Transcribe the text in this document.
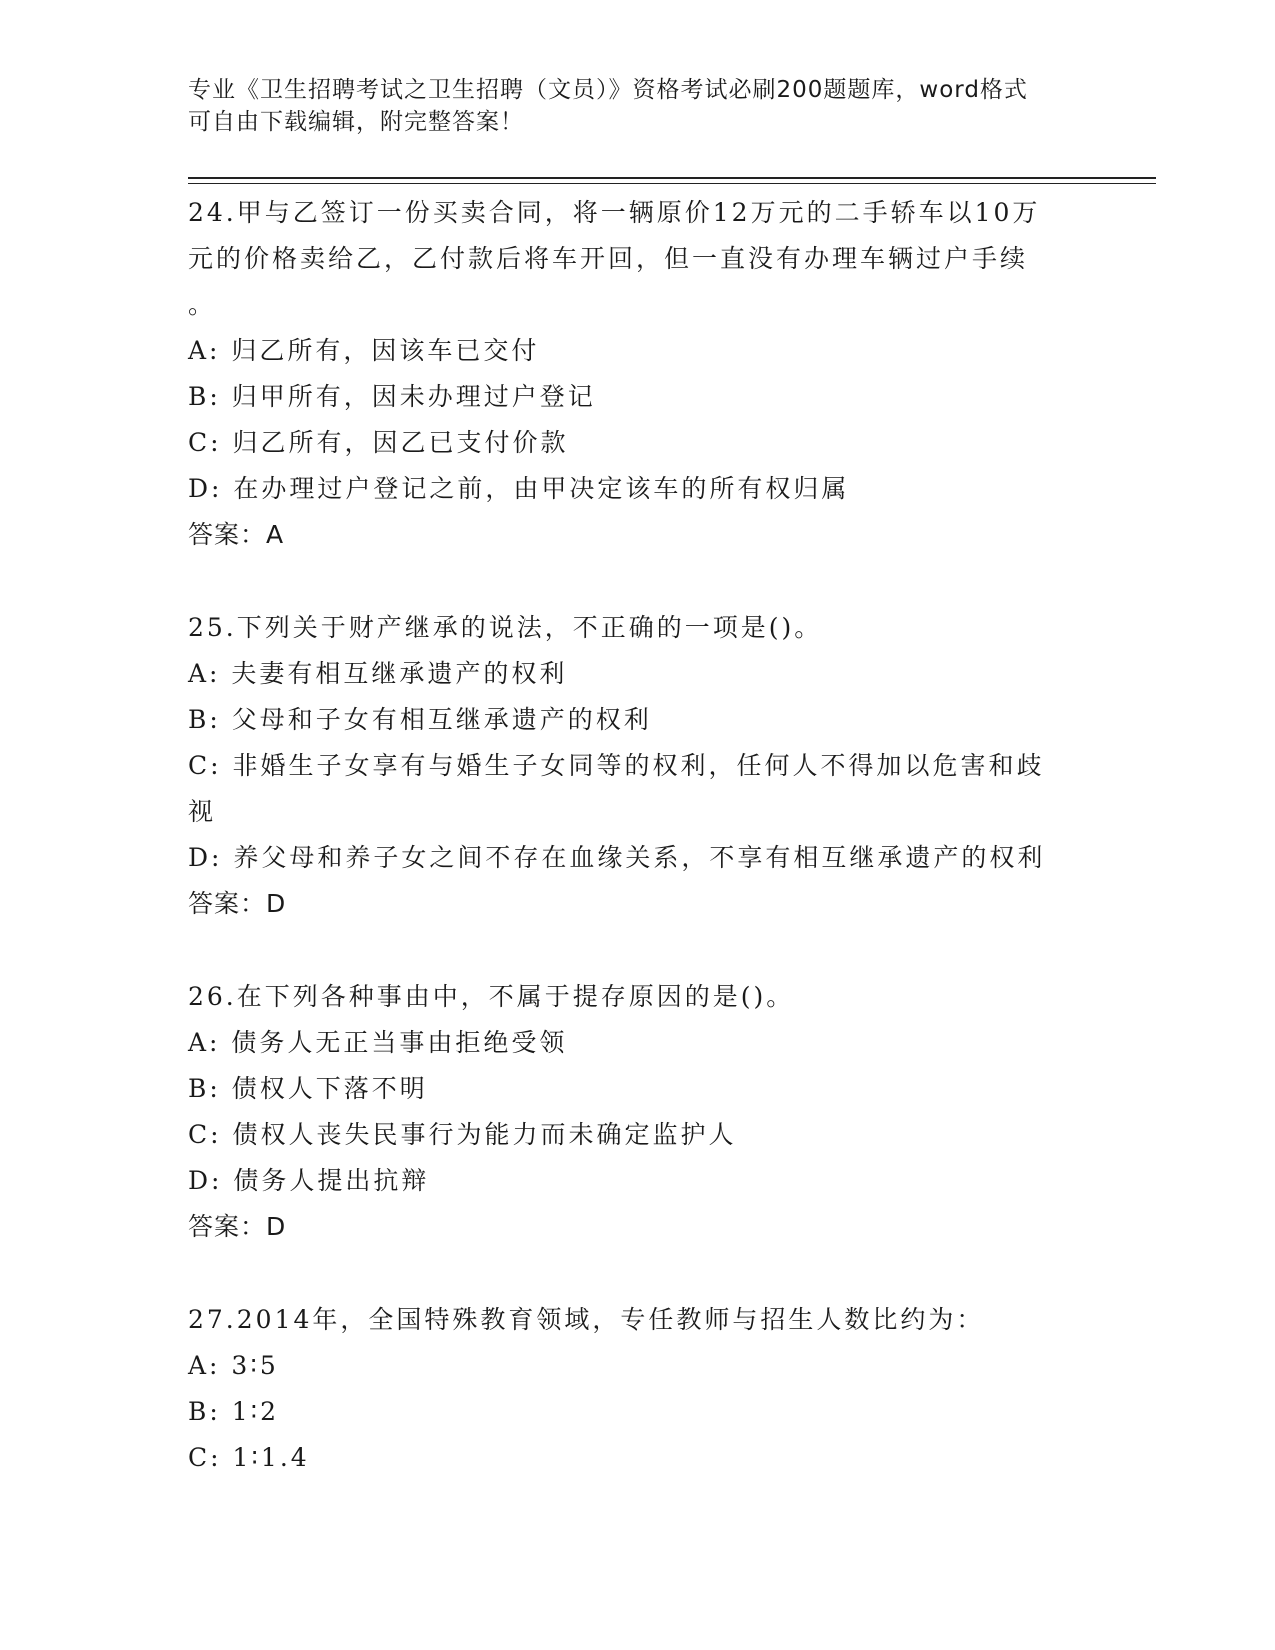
专业《卫生招聘考试之卫生招聘（文员）》资格考试必刷200题题库，word格式
可自由下载编辑，附完整答案！
24.甲与乙签订一份买卖合同，将一辆原价12万元的二手轿车以10万
元的价格卖给乙，乙付款后将车开回，但一直没有办理车辆过户手续
。
A: 归乙所有，因该车已交付
B: 归甲所有，因未办理过户登记
C: 归乙所有，因乙已支付价款
D: 在办理过户登记之前，由甲决定该车的所有权归属
答案：A
25.下列关于财产继承的说法，不正确的一项是()。
A: 夫妻有相互继承遗产的权利
B: 父母和子女有相互继承遗产的权利
C: 非婚生子女享有与婚生子女同等的权利，任何人不得加以危害和歧
视
D: 养父母和养子女之间不存在血缘关系，不享有相互继承遗产的权利
答案：D
26.在下列各种事由中，不属于提存原因的是()。
A: 债务人无正当事由拒绝受领
B: 债权人下落不明
C: 债权人丧失民事行为能力而未确定监护人
D: 债务人提出抗辩
答案：D
27.2014年，全国特殊教育领域，专任教师与招生人数比约为：
A: 3∶5
B: 1∶2
C: 1∶1.4
